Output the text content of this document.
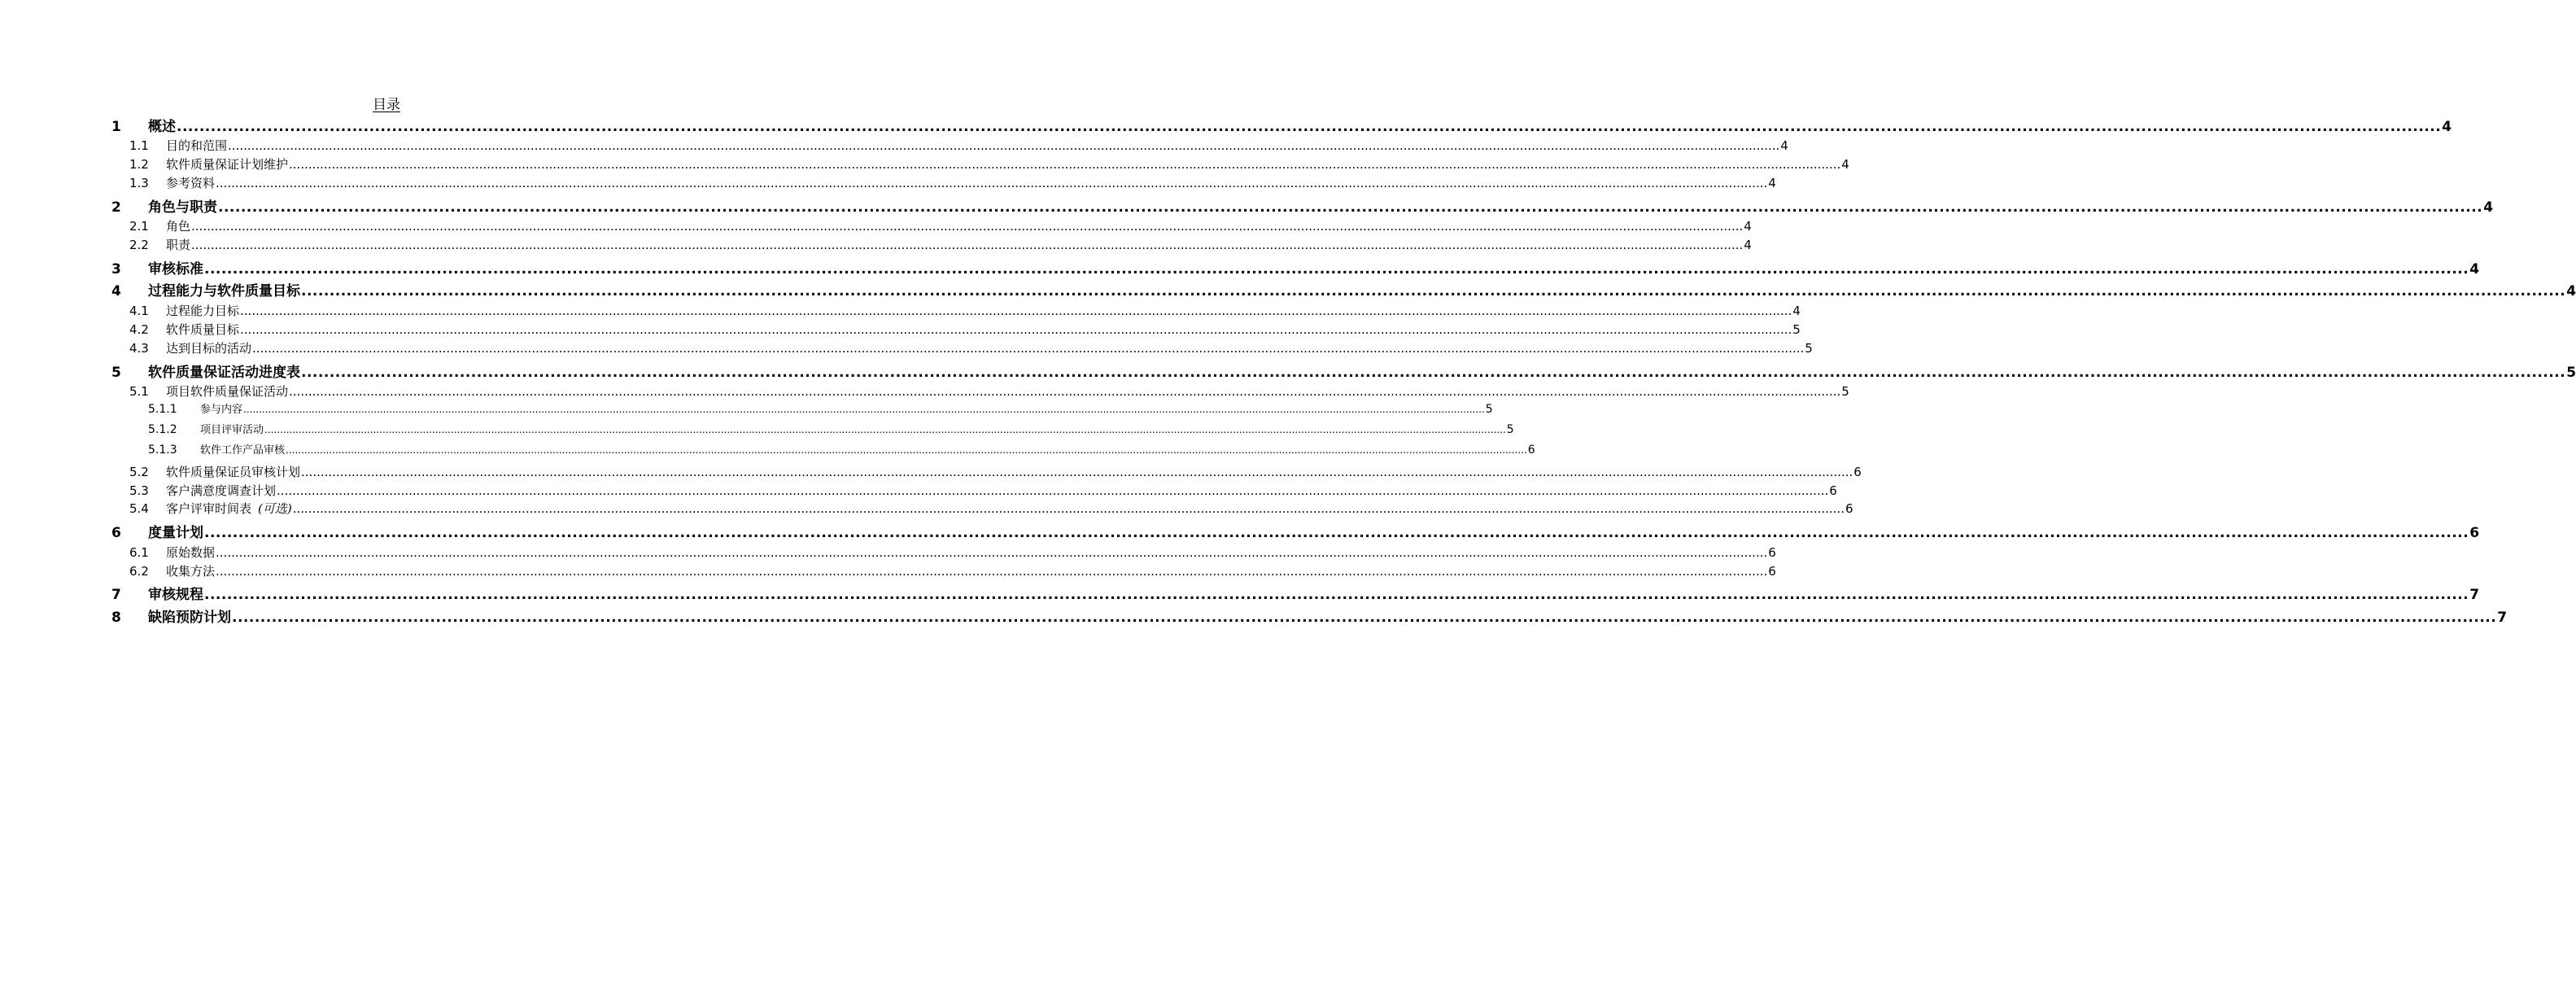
目录
1	概述 ................................................................................................................................................................................................................................................................................................................................................................................................................ 4
1.1	目的和范围 ................................................................................................................................................................................................................................................................................................................................................................................................................ 4
1.2	软件质量保证计划维护 ................................................................................................................................................................................................................................................................................................................................................................................................................ 4
1.3	参考资料 ................................................................................................................................................................................................................................................................................................................................................................................................................ 4
2	角色与职责 ................................................................................................................................................................................................................................................................................................................................................................................................................ 4
2.1	角色 ................................................................................................................................................................................................................................................................................................................................................................................................................ 4
2.2	职责 ................................................................................................................................................................................................................................................................................................................................................................................................................ 4
3	审核标准 ................................................................................................................................................................................................................................................................................................................................................................................................................ 4
4	过程能力与软件质量目标 ................................................................................................................................................................................................................................................................................................................................................................................................................ 4
4.1	过程能力目标 ................................................................................................................................................................................................................................................................................................................................................................................................................ 4
4.2	软件质量目标 ................................................................................................................................................................................................................................................................................................................................................................................................................ 5
4.3	达到目标的活动 ................................................................................................................................................................................................................................................................................................................................................................................................................ 5
5	软件质量保证活动进度表 ................................................................................................................................................................................................................................................................................................................................................................................................................ 5
5.1	项目软件质量保证活动 ................................................................................................................................................................................................................................................................................................................................................................................................................ 5
5.1.1	参与内容 ................................................................................................................................................................................................................................................................................................................................................................................................................ 5
5.1.2	项目评审活动 ................................................................................................................................................................................................................................................................................................................................................................................................................ 5
5.1.3	软件工作产品审核 ................................................................................................................................................................................................................................................................................................................................................................................................................ 6
5.2	软件质量保证员审核计划 ................................................................................................................................................................................................................................................................................................................................................................................................................ 6
5.3	客户满意度调查计划 ................................................................................................................................................................................................................................................................................................................................................................................................................ 6
5.4	客户评审时间表 (可选) ................................................................................................................................................................................................................................................................................................................................................................................................................ 6
6	度量计划 ................................................................................................................................................................................................................................................................................................................................................................................................................ 6
6.1	原始数据 ................................................................................................................................................................................................................................................................................................................................................................................................................ 6
6.2	收集方法 ................................................................................................................................................................................................................................................................................................................................................................................................................ 6
7	审核规程 ................................................................................................................................................................................................................................................................................................................................................................................................................ 7
8	缺陷预防计划 ................................................................................................................................................................................................................................................................................................................................................................................................................ 7
